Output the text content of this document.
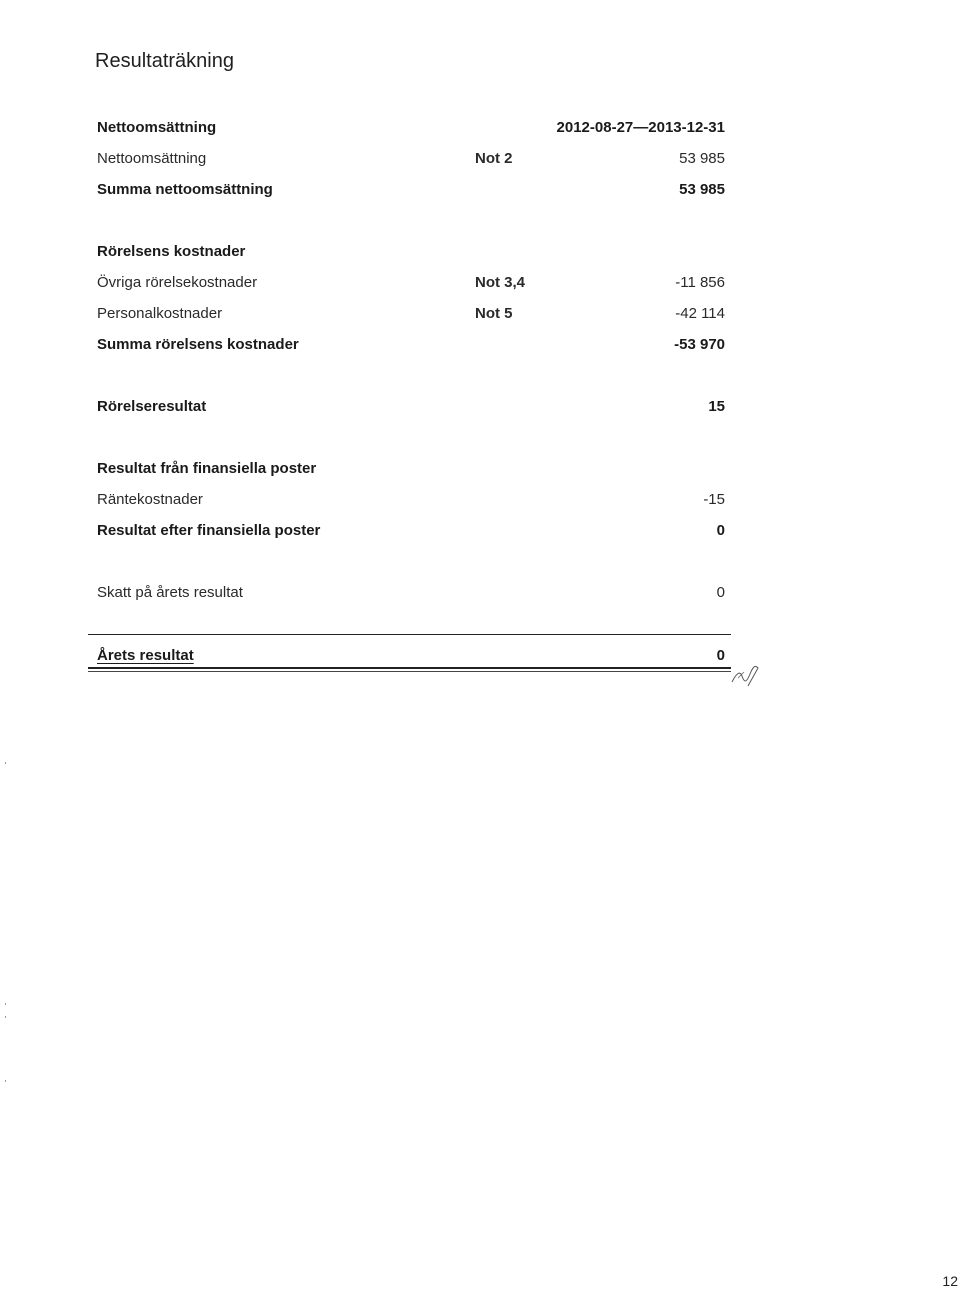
Resultaträkning
Nettoomsättning	2012-08-27—2013-12-31
Nettoomsättning	Not 2	53 985
Summa nettoomsättning	53 985
Rörelsens kostnader
Övriga rörelsekostnader	Not 3,4	-11 856
Personalkostnader	Not 5	-42 114
Summa rörelsens kostnader	-53 970
Rörelseresultat	15
Resultat från finansiella poster
Räntekostnader	-15
Resultat efter finansiella poster	0
Skatt på årets resultat	0
Årets resultat	0
12
